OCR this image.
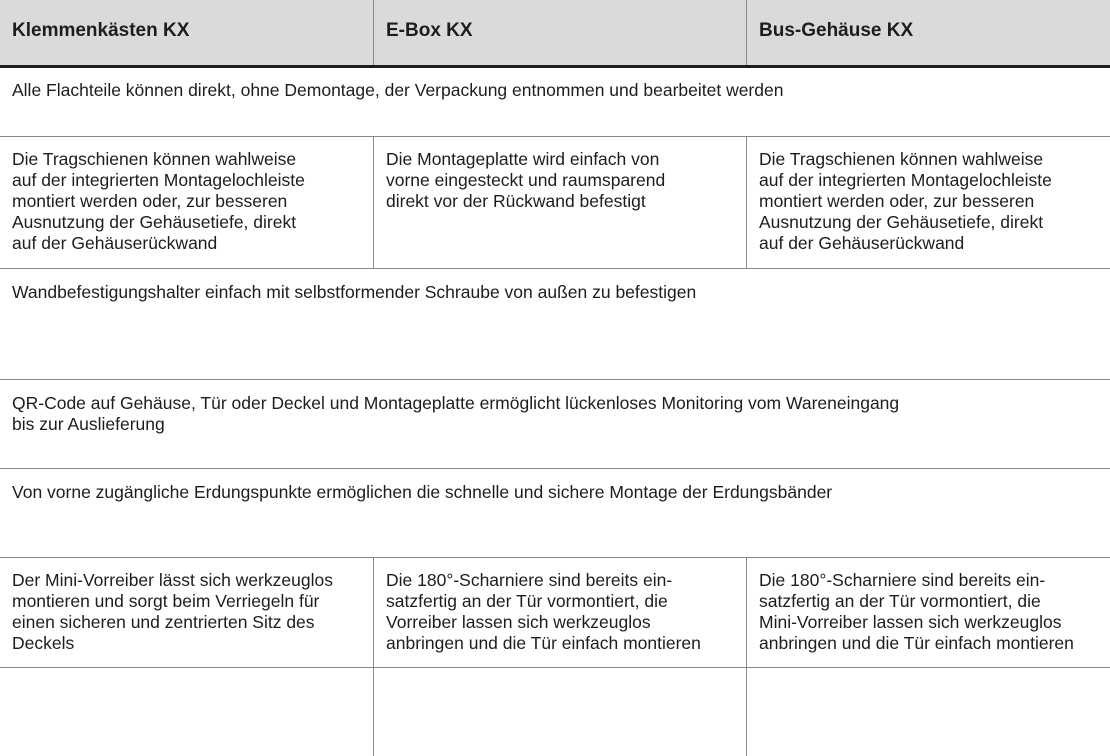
Klemmenkästen KX	E-Box KX	Bus-Gehäuse KX

Alle Flachteile können direkt, ohne Demontage, der Verpackung entnommen und bearbeitet werden

Die Tragschienen können wahlweise
auf der integrierten Montagelochleiste
montiert werden oder, zur besseren
Ausnutzung der Gehäusetiefe, direkt
auf der Gehäuserückwand

Die Montageplatte wird einfach von
vorne eingesteckt und raumsparend
direkt vor der Rückwand befestigt

Die Tragschienen können wahlweise
auf der integrierten Montagelochleiste
montiert werden oder, zur besseren
Ausnutzung der Gehäusetiefe, direkt
auf der Gehäuserückwand

Wandbefestigungshalter einfach mit selbstformender Schraube von außen zu befestigen

QR-Code auf Gehäuse, Tür oder Deckel und Montageplatte ermöglicht lückenloses Monitoring vom Wareneingang
bis zur Auslieferung

Von vorne zugängliche Erdungspunkte ermöglichen die schnelle und sichere Montage der Erdungsbänder

Der Mini-Vorreiber lässt sich werkzeuglos
montieren und sorgt beim Verriegeln für
einen sicheren und zentrierten Sitz des
Deckels

Die 180°-Scharniere sind bereits ein-
satzfertig an der Tür vormontiert, die
Vorreiber lassen sich werkzeuglos
anbringen und die Tür einfach montieren

Die 180°-Scharniere sind bereits ein-
satzfertig an der Tür vormontiert, die
Mini-Vorreiber lassen sich werkzeuglos
anbringen und die Tür einfach montieren
